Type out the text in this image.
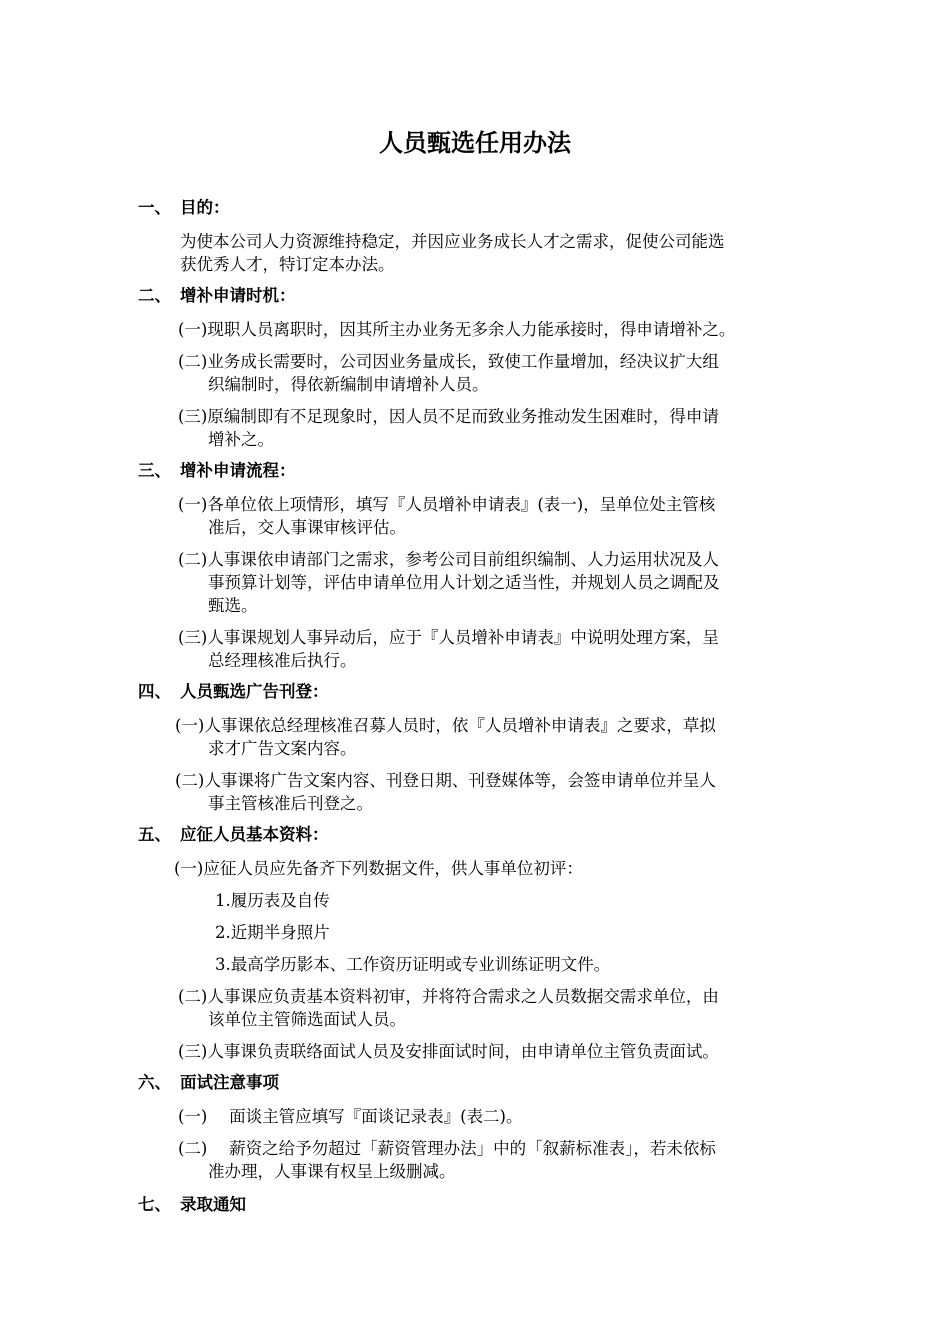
人员甄选任用办法
一、 目的：
为使本公司人力资源维持稳定，并因应业务成长人才之需求，促使公司能选
获优秀人才，特订定本办法。
二、 增补申请时机：
(一)现职人员离职时，因其所主办业务无多余人力能承接时，得申请增补之。
(二)业务成长需要时，公司因业务量成长，致使工作量增加，经决议扩大组
织编制时，得依新编制申请增补人员。
(三)原编制即有不足现象时，因人员不足而致业务推动发生困难时，得申请
增补之。
三、 增补申请流程：
(一)各单位依上项情形，填写『人员增补申请表』(表一)，呈单位处主管核
准后，交人事课审核评估。
(二)人事课依申请部门之需求，参考公司目前组织编制、人力运用状况及人
事预算计划等，评估申请单位用人计划之适当性，并规划人员之调配及
甄选。
(三)人事课规划人事异动后，应于『人员增补申请表』中说明处理方案，呈
总经理核准后执行。
四、 人员甄选广告刊登：
(一)人事课依总经理核准召募人员时，依『人员增补申请表』之要求，草拟
求才广告文案内容。
(二)人事课将广告文案内容、刊登日期、刊登媒体等，会签申请单位并呈人
事主管核准后刊登之。
五、 应征人员基本资料：
(一)应征人员应先备齐下列数据文件，供人事单位初评：
1.履历表及自传
2.近期半身照片
3.最高学历影本、工作资历证明或专业训练证明文件。
(二)人事课应负责基本资料初审，并将符合需求之人员数据交需求单位，由
该单位主管筛选面试人员。
(三)人事课负责联络面试人员及安排面试时间，由申请单位主管负责面试。
六、 面试注意事项
(一)　 面谈主管应填写『面谈记录表』(表二)。
(二)　 薪资之给予勿超过「薪资管理办法」中的「叙薪标准表」，若未依标
准办理，人事课有权呈上级删减。
七、 录取通知
